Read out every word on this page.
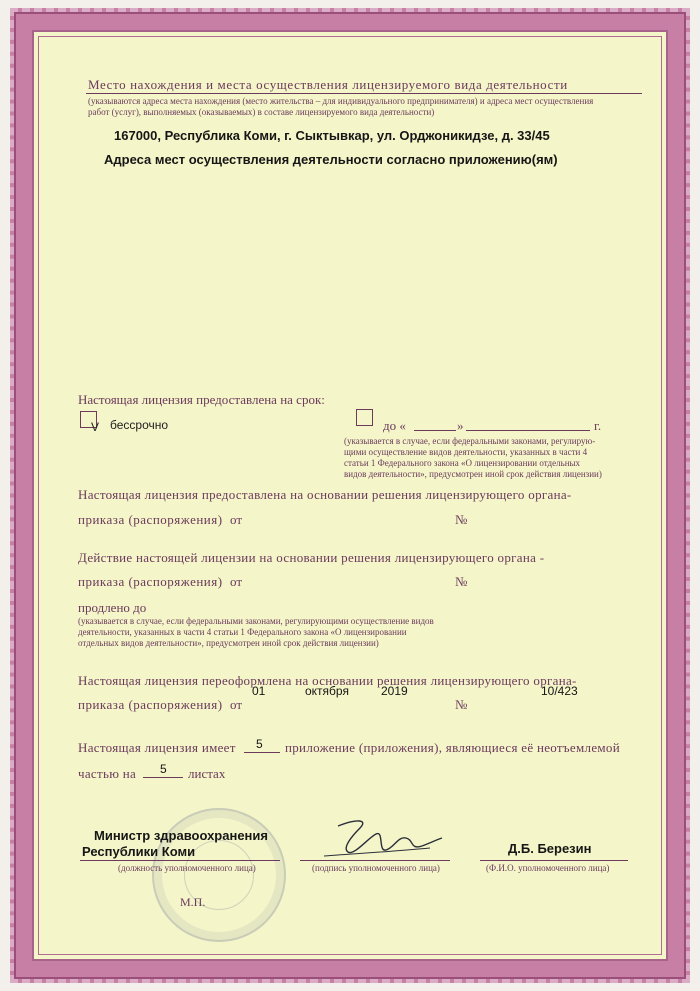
Место нахождения и места осуществления лицензируемого вида деятельности
(указываются адреса места нахождения (место жительства – для индивидуального предпринимателя) и адреса мест осуществления
работ (услуг), выполняемых (оказываемых) в составе лицензируемого вида деятельности)
167000, Республика Коми, г. Сыктывкар, ул. Орджоникидзе, д. 33/45
Адреса мест осуществления деятельности согласно приложению(ям)
Настоящая лицензия предоставлена на срок:
V бессрочно	до «	»	г.
(указывается в случае, если федеральными законами, регулирую-
щими осуществление видов деятельности, указанных в части 4
статьи 1 Федерального закона «О лицензировании отдельных
видов деятельности», предусмотрен иной срок действия лицензии)
Настоящая лицензия предоставлена на основании решения лицензирующего органа-
приказа (распоряжения) от	№
Действие настоящей лицензии на основании решения лицензирующего органа -
приказа (распоряжения) от	№
продлено до
(указывается в случае, если федеральными законами, регулирующими осуществление видов
деятельности, указанных в части 4 статьи 1 Федерального закона «О лицензировании
отдельных видов деятельности», предусмотрен иной срок действия лицензии)
Настоящая лицензия переоформлена на основании решения лицензирующего органа-
01	октября	2019	10/423
приказа (распоряжения) от	№
Настоящая лицензия имеет 5 приложение (приложения), являющиеся её неотъемлемой
частью на 5 листах
Министр здравоохранения
Республики Коми
(должность уполномоченного лица)	(подпись уполномоченного лица)
Д.Б. Березин
(Ф.И.О. уполномоченного лица)
М.П.
